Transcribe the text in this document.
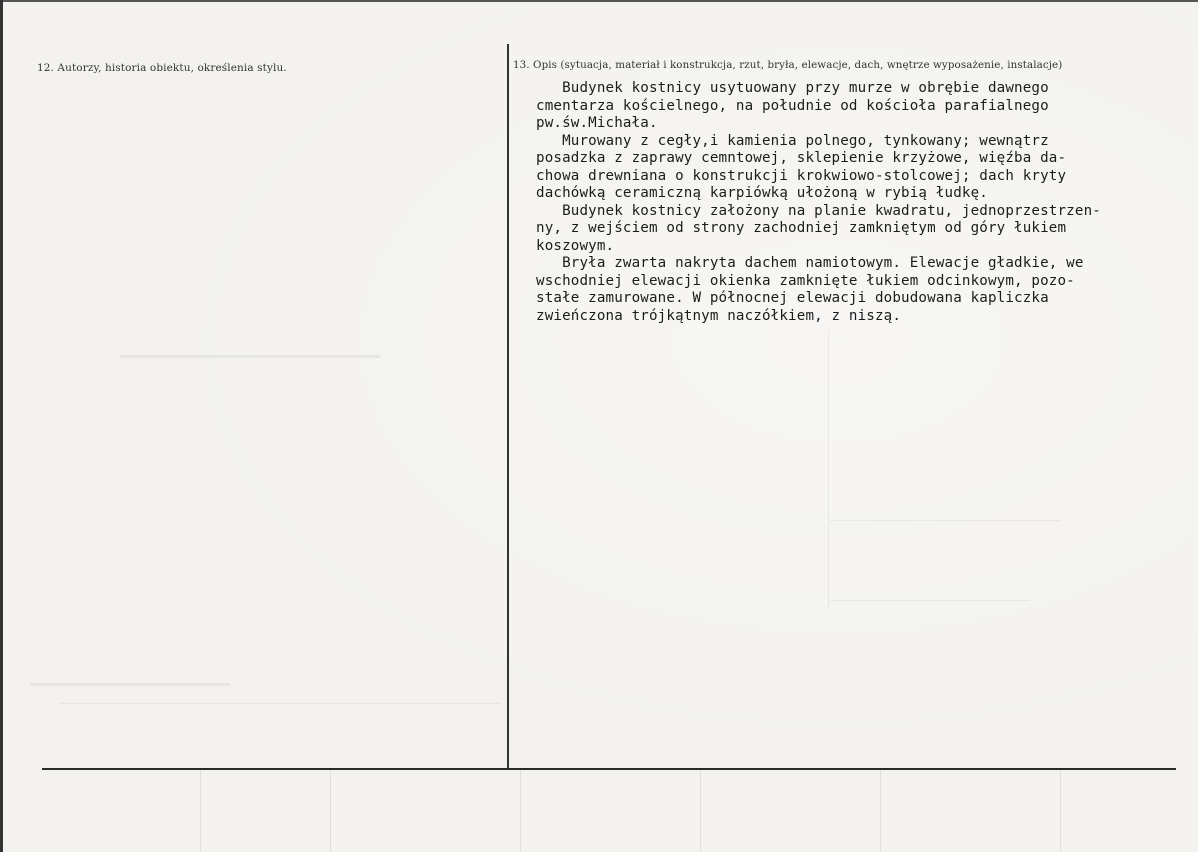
12. Autorzy, historia obiektu, określenia stylu.	13. Opis (sytuacja, materiał i konstrukcja, rzut, bryła, elewacje, dach, wnętrze wyposażenie, instalacje)

Budynek kostnicy usytuowany przy murze w obrębie dawnego

cmentarza kościelnego, na południe od kościoła parafialnego

pw.św.Michała.

Murowany z cegły,i kamienia polnego, tynkowany; wewnątrz

posadzka z zaprawy cemntowej, sklepienie krzyżowe, więźba da-

chowa drewniana o konstrukcji krokwiowo-stolcowej; dach kryty

dachówką ceramiczną karpiówką ułożoną w rybią łudkę.

Budynek kostnicy założony na planie kwadratu, jednoprzestrzen-

ny, z wejściem od strony zachodniej zamkniętym od góry łukiem

koszowym.

Bryła zwarta nakryta dachem namiotowym. Elewacje gładkie, we

wschodniej elewacji okienka zamknięte łukiem odcinkowym, pozo-

stałe zamurowane. W północnej elewacji dobudowana kapliczka

zwieńczona trójkątnym naczółkiem, z niszą.
